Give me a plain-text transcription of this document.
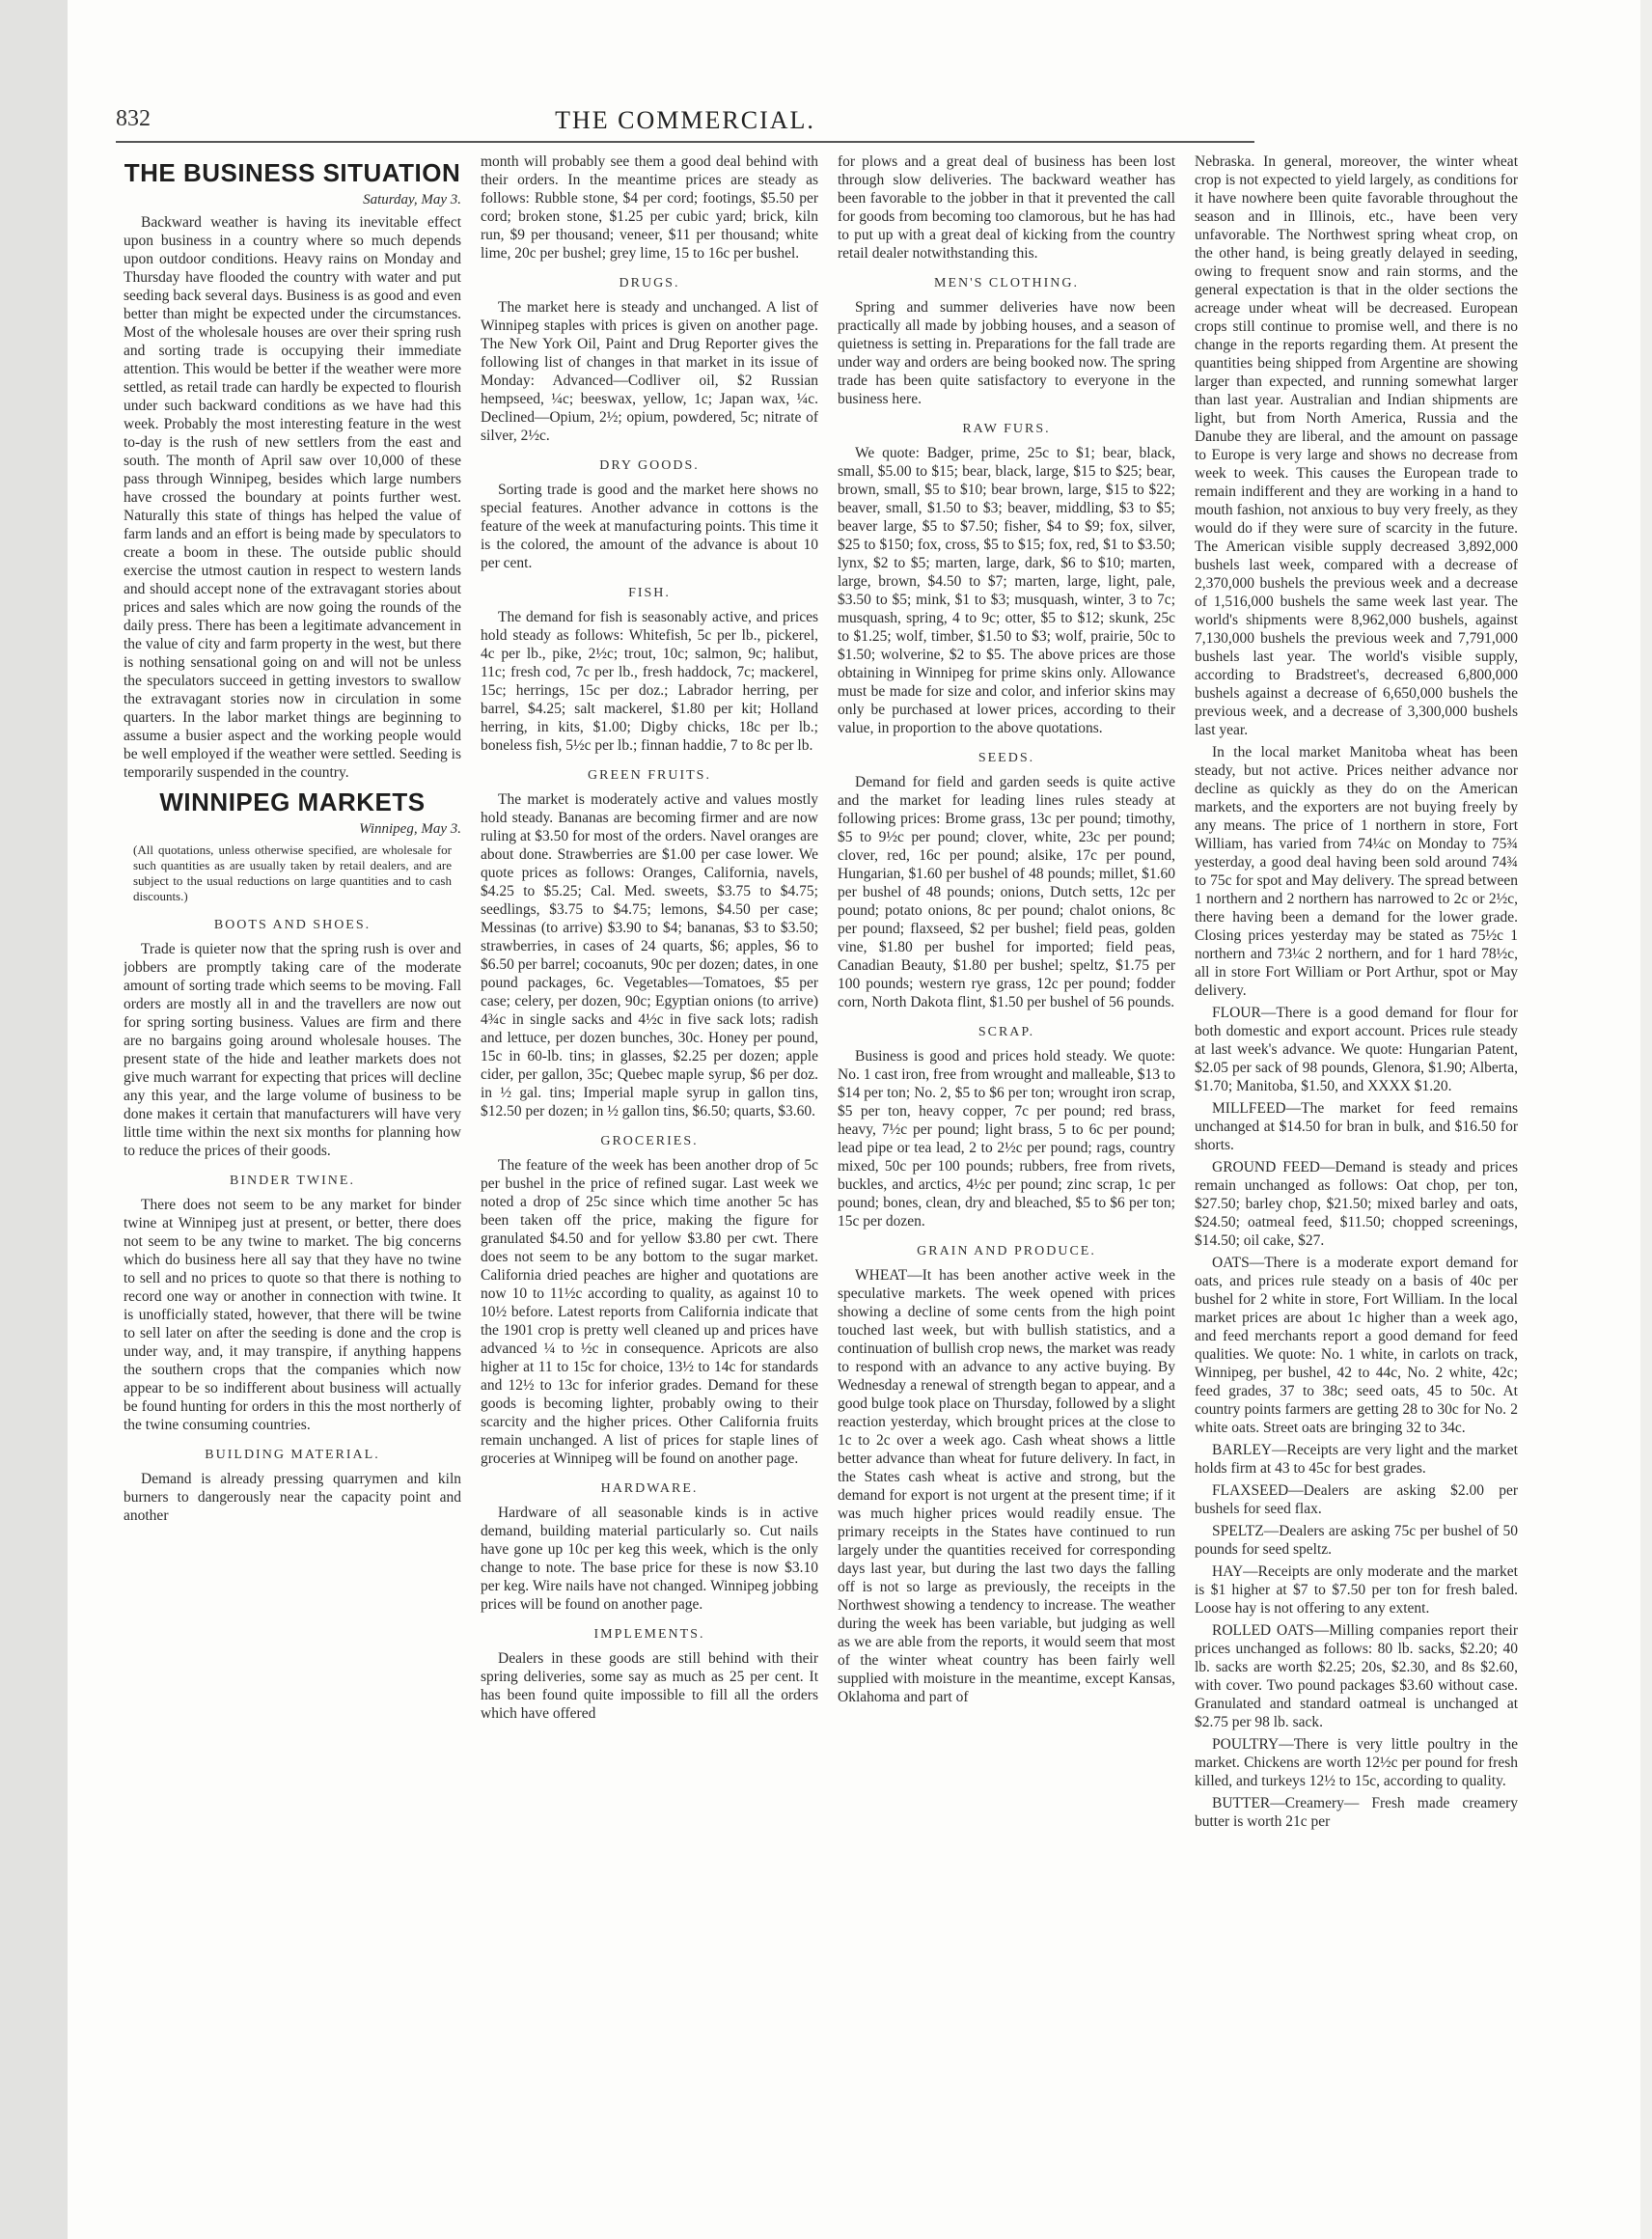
832	THE COMMERCIAL.
THE BUSINESS SITUATION
Saturday, May 3.

Backward weather is having its inevitable effect upon business in a country where so much depends upon outdoor conditions. Heavy rains on Monday and Thursday have flooded the country with water and put seeding back several days. Business is as good and even better than might be expected under the circumstances. Most of the wholesale houses are over their spring rush and sorting trade is occupying their immediate attention. This would be better if the weather were more settled, as retail trade can hardly be expected to flourish under such backward conditions as we have had this week. Probably the most interesting feature in the west to-day is the rush of new settlers from the east and south. The month of April saw over 10,000 of these pass through Winnipeg, besides which large numbers have crossed the boundary at points further west. Naturally this state of things has helped the value of farm lands and an effort is being made by speculators to create a boom in these. The outside public should exercise the utmost caution in respect to western lands and should accept none of the extravagant stories about prices and sales which are now going the rounds of the daily press. There has been a legitimate advancement in the value of city and farm property in the west, but there is nothing sensational going on and will not be unless the speculators succeed in getting investors to swallow the extravagant stories now in circulation in some quarters. In the labor market things are beginning to assume a busier aspect and the working people would be well employed if the weather were settled. Seeding is temporarily suspended in the country.

WINNIPEG MARKETS
Winnipeg, May 3.
(All quotations, unless otherwise specified, are wholesale for such quantities as are usually taken by retail dealers, and are subject to the usual reductions on large quantities and to cash discounts.)
BOOTS AND SHOES.

Trade is quieter now that the spring rush is over and jobbers are promptly taking care of the moderate amount of sorting trade which seems to be moving. Fall orders are mostly all in and the travellers are now out for spring sorting business. Values are firm and there are no bargains going around wholesale houses. The present state of the hide and leather markets does not give much warrant for expecting that prices will decline any this year, and the large volume of business to be done makes it certain that manufacturers will have very little time within the next six months for planning how to reduce the prices of their goods.

BINDER TWINE.

There does not seem to be any market for binder twine at Winnipeg just at present, or better, there does not seem to be any twine to market. The big concerns which do business here all say that they have no twine to sell and no prices to quote so that there is nothing to record one way or another in connection with twine. It is unofficially stated, however, that there will be twine to sell later on after the seeding is done and the crop is under way, and, it may transpire, if anything happens the southern crops that the companies which now appear to be so indifferent about business will actually be found hunting for orders in this the most northerly of the twine consuming countries.

BUILDING MATERIAL.

Demand is already pressing quarrymen and kiln burners to dangerously near the capacity point and another

month will probably see them a good deal behind with their orders. In the meantime prices are steady as follows: Rubble stone, $4 per cord; footings, $5.50 per cord; broken stone, $1.25 per cubic yard; brick, kiln run, $9 per thousand; veneer, $11 per thousand; white lime, 20c per bushel; grey lime, 15 to 16c per bushel.

DRUGS.

The market here is steady and unchanged. A list of Winnipeg staples with prices is given on another page. The New York Oil, Paint and Drug Reporter gives the following list of changes in that market in its issue of Monday: Advanced—Codliver oil, $2 Russian hempseed, ¼c; beeswax, yellow, 1c; Japan wax, ¼c. Declined—Opium, 2½; opium, powdered, 5c; nitrate of silver, 2½c.

DRY GOODS.

Sorting trade is good and the market here shows no special features. Another advance in cottons is the feature of the week at manufacturing points. This time it is the colored, the amount of the advance is about 10 per cent.

FISH.

The demand for fish is seasonably active, and prices hold steady as follows: Whitefish, 5c per lb., pickerel, 4c per lb., pike, 2½c; trout, 10c; salmon, 9c; halibut, 11c; fresh cod, 7c per lb., fresh haddock, 7c; mackerel, 15c; herrings, 15c per doz.; Labrador herring, per barrel, $4.25; salt mackerel, $1.80 per kit; Holland herring, in kits, $1.00; Digby chicks, 18c per lb.; boneless fish, 5½c per lb.; finnan haddie, 7 to 8c per lb.

GREEN FRUITS.

The market is moderately active and values mostly hold steady. Bananas are becoming firmer and are now ruling at $3.50 for most of the orders. Navel oranges are about done. Strawberries are $1.00 per case lower. We quote prices as follows: Oranges, California, navels, $4.25 to $5.25; Cal. Med. sweets, $3.75 to $4.75; seedlings, $3.75 to $4.75; lemons, $4.50 per case; Messinas (to arrive) $3.90 to $4; bananas, $3 to $3.50; strawberries, in cases of 24 quarts, $6; apples, $6 to $6.50 per barrel; cocoanuts, 90c per dozen; dates, in one pound packages, 6c. Vegetables—Tomatoes, $5 per case; celery, per dozen, 90c; Egyptian onions (to arrive) 4¾c in single sacks and 4½c in five sack lots; radish and lettuce, per dozen bunches, 30c. Honey per pound, 15c in 60-lb. tins; in glasses, $2.25 per dozen; apple cider, per gallon, 35c; Quebec maple syrup, $6 per doz. in ½ gal. tins; Imperial maple syrup in gallon tins, $12.50 per dozen; in ½ gallon tins, $6.50; quarts, $3.60.

GROCERIES.

The feature of the week has been another drop of 5c per bushel in the price of refined sugar. Last week we noted a drop of 25c since which time another 5c has been taken off the price, making the figure for granulated $4.50 and for yellow $3.80 per cwt. There does not seem to be any bottom to the sugar market. California dried peaches are higher and quotations are now 10 to 11½c according to quality, as against 10 to 10½ before. Latest reports from California indicate that the 1901 crop is pretty well cleaned up and prices have advanced ¼ to ½c in consequence. Apricots are also higher at 11 to 15c for choice, 13½ to 14c for standards and 12½ to 13c for inferior grades. Demand for these goods is becoming lighter, probably owing to their scarcity and the higher prices. Other California fruits remain unchanged. A list of prices for staple lines of groceries at Winnipeg will be found on another page.

HARDWARE.

Hardware of all seasonable kinds is in active demand, building material particularly so. Cut nails have gone up 10c per keg this week, which is the only change to note. The base price for these is now $3.10 per keg. Wire nails have not changed. Winnipeg jobbing prices will be found on another page.

IMPLEMENTS.

Dealers in these goods are still behind with their spring deliveries, some say as much as 25 per cent. It has been found quite impossible to fill all the orders which have offered

for plows and a great deal of business has been lost through slow deliveries. The backward weather has been favorable to the jobber in that it prevented the call for goods from becoming too clamorous, but he has had to put up with a great deal of kicking from the country retail dealer notwithstanding this.

MEN'S CLOTHING.

Spring and summer deliveries have now been practically all made by jobbing houses, and a season of quietness is setting in. Preparations for the fall trade are under way and orders are being booked now. The spring trade has been quite satisfactory to everyone in the business here.

RAW FURS.

We quote: Badger, prime, 25c to $1; bear, black, small, $5.00 to $15; bear, black, large, $15 to $25; bear, brown, small, $5 to $10; bear brown, large, $15 to $22; beaver, small, $1.50 to $3; beaver, middling, $3 to $5; beaver large, $5 to $7.50; fisher, $4 to $9; fox, silver, $25 to $150; fox, cross, $5 to $15; fox, red, $1 to $3.50; lynx, $2 to $5; marten, large, dark, $6 to $10; marten, large, brown, $4.50 to $7; marten, large, light, pale, $3.50 to $5; mink, $1 to $3; musquash, winter, 3 to 7c; musquash, spring, 4 to 9c; otter, $5 to $12; skunk, 25c to $1.25; wolf, timber, $1.50 to $3; wolf, prairie, 50c to $1.50; wolverine, $2 to $5. The above prices are those obtaining in Winnipeg for prime skins only. Allowance must be made for size and color, and inferior skins may only be purchased at lower prices, according to their value, in proportion to the above quotations.

SEEDS.

Demand for field and garden seeds is quite active and the market for leading lines rules steady at following prices: Brome grass, 13c per pound; timothy, $5 to 9½c per pound; clover, white, 23c per pound; clover, red, 16c per pound; alsike, 17c per pound, Hungarian, $1.60 per bushel of 48 pounds; millet, $1.60 per bushel of 48 pounds; onions, Dutch setts, 12c per pound; potato onions, 8c per pound; chalot onions, 8c per pound; flaxseed, $2 per bushel; field peas, golden vine, $1.80 per bushel for imported; field peas, Canadian Beauty, $1.80 per bushel; speltz, $1.75 per 100 pounds; western rye grass, 12c per pound; fodder corn, North Dakota flint, $1.50 per bushel of 56 pounds.

SCRAP.

Business is good and prices hold steady. We quote: No. 1 cast iron, free from wrought and malleable, $13 to $14 per ton; No. 2, $5 to $6 per ton; wrought iron scrap, $5 per ton, heavy copper, 7c per pound; red brass, heavy, 7½c per pound; light brass, 5 to 6c per pound; lead pipe or tea lead, 2 to 2½c per pound; rags, country mixed, 50c per 100 pounds; rubbers, free from rivets, buckles, and arctics, 4½c per pound; zinc scrap, 1c per pound; bones, clean, dry and bleached, $5 to $6 per ton; 15c per dozen.

GRAIN AND PRODUCE.

WHEAT—It has been another active week in the speculative markets. The week opened with prices showing a decline of some cents from the high point touched last week, but with bullish statistics, and a continuation of bullish crop news, the market was ready to respond with an advance to any active buying. By Wednesday a renewal of strength began to appear, and a good bulge took place on Thursday, followed by a slight reaction yesterday, which brought prices at the close to 1c to 2c over a week ago. Cash wheat shows a little better advance than wheat for future delivery. In fact, in the States cash wheat is active and strong, but the demand for export is not urgent at the present time; if it was much higher prices would readily ensue. The primary receipts in the States have continued to run largely under the quantities received for corresponding days last year, but during the last two days the falling off is not so large as previously, the receipts in the Northwest showing a tendency to increase. The weather during the week has been variable, but judging as well as we are able from the reports, it would seem that most of the winter wheat country has been fairly well supplied with moisture in the meantime, except Kansas, Oklahoma and part of

Nebraska. In general, moreover, the winter wheat crop is not expected to yield largely, as conditions for it have nowhere been quite favorable throughout the season and in Illinois, etc., have been very unfavorable. The Northwest spring wheat crop, on the other hand, is being greatly delayed in seeding, owing to frequent snow and rain storms, and the general expectation is that in the older sections the acreage under wheat will be decreased. European crops still continue to promise well, and there is no change in the reports regarding them. At present the quantities being shipped from Argentine are showing larger than expected, and running somewhat larger than last year. Australian and Indian shipments are light, but from North America, Russia and the Danube they are liberal, and the amount on passage to Europe is very large and shows no decrease from week to week. This causes the European trade to remain indifferent and they are working in a hand to mouth fashion, not anxious to buy very freely, as they would do if they were sure of scarcity in the future. The American visible supply decreased 3,892,000 bushels last week, compared with a decrease of 2,370,000 bushels the previous week and a decrease of 1,516,000 bushels the same week last year. The world's shipments were 8,962,000 bushels, against 7,130,000 bushels the previous week and 7,791,000 bushels last year. The world's visible supply, according to Bradstreet's, decreased 6,800,000 bushels against a decrease of 6,650,000 bushels the previous week, and a decrease of 3,300,000 bushels last year.

In the local market Manitoba wheat has been steady, but not active. Prices neither advance nor decline as quickly as they do on the American markets, and the exporters are not buying freely by any means. The price of 1 northern in store, Fort William, has varied from 74¼c on Monday to 75¾ yesterday, a good deal having been sold around 74¾ to 75c for spot and May delivery. The spread between 1 northern and 2 northern has narrowed to 2c or 2½c, there having been a demand for the lower grade. Closing prices yesterday may be stated as 75½c 1 northern and 73¼c 2 northern, and for 1 hard 78½c, all in store Fort William or Port Arthur, spot or May delivery.

FLOUR—There is a good demand for flour for both domestic and export account. Prices rule steady at last week's advance. We quote: Hungarian Patent, $2.05 per sack of 98 pounds, Glenora, $1.90; Alberta, $1.70; Manitoba, $1.50, and XXXX $1.20.

MILLFEED—The market for feed remains unchanged at $14.50 for bran in bulk, and $16.50 for shorts.

GROUND FEED—Demand is steady and prices remain unchanged as follows: Oat chop, per ton, $27.50; barley chop, $21.50; mixed barley and oats, $24.50; oatmeal feed, $11.50; chopped screenings, $14.50; oil cake, $27.

OATS—There is a moderate export demand for oats, and prices rule steady on a basis of 40c per bushel for 2 white in store, Fort William. In the local market prices are about 1c higher than a week ago, and feed merchants report a good demand for feed qualities. We quote: No. 1 white, in carlots on track, Winnipeg, per bushel, 42 to 44c, No. 2 white, 42c; feed grades, 37 to 38c; seed oats, 45 to 50c. At country points farmers are getting 28 to 30c for No. 2 white oats. Street oats are bringing 32 to 34c.

BARLEY—Receipts are very light and the market holds firm at 43 to 45c for best grades.

FLAXSEED—Dealers are asking $2.00 per bushels for seed flax.

SPELTZ—Dealers are asking 75c per bushel of 50 pounds for seed speltz.

HAY—Receipts are only moderate and the market is $1 higher at $7 to $7.50 per ton for fresh baled. Loose hay is not offering to any extent.

ROLLED OATS—Milling companies report their prices unchanged as follows: 80 lb. sacks, $2.20; 40 lb. sacks are worth $2.25; 20s, $2.30, and 8s $2.60, with cover. Two pound packages $3.60 without case. Granulated and standard oatmeal is unchanged at $2.75 per 98 lb. sack.

POULTRY—There is very little poultry in the market. Chickens are worth 12½c per pound for fresh killed, and turkeys 12½ to 15c, according to quality.

BUTTER—Creamery— Fresh made creamery butter is worth 21c per
